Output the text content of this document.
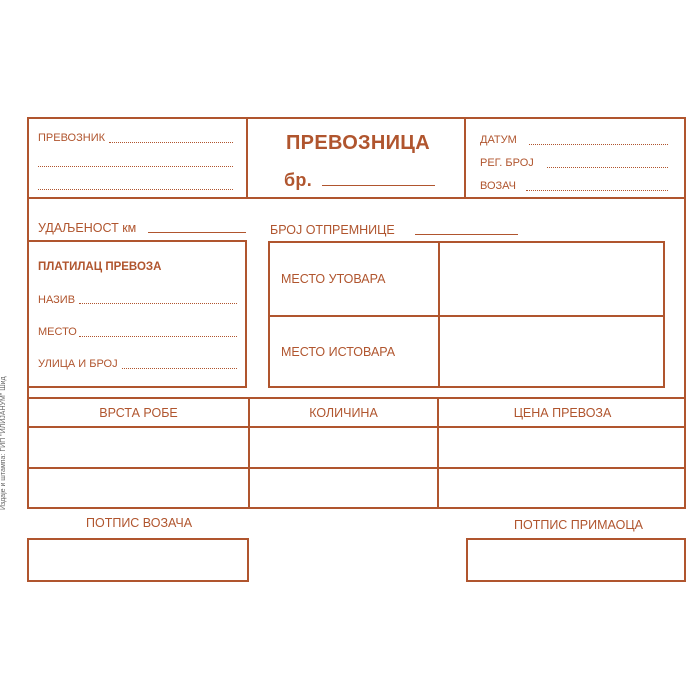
Издаје и штампа: ГИП "ИЛИЈАНУМ" Шид
ПРЕВОЗНИК	ПРЕВОЗНИЦА
бр.
ДАТУМ
РЕГ. БРОЈ
ВОЗАЧ
УДАЉЕНОСТ км	БРОЈ ОТПРЕМНИЦЕ
ПЛАТИЛАЦ ПРЕВОЗА
НАЗИВ
МЕСТО
УЛИЦА И БРОЈ
МЕСТО УТОВАРА
МЕСТО ИСТОВАРА
ВРСТА РОБЕ	КОЛИЧИНА	ЦЕНА ПРЕВОЗА
ПОТПИС ВОЗАЧА	ПОТПИС ПРИМАОЦА
